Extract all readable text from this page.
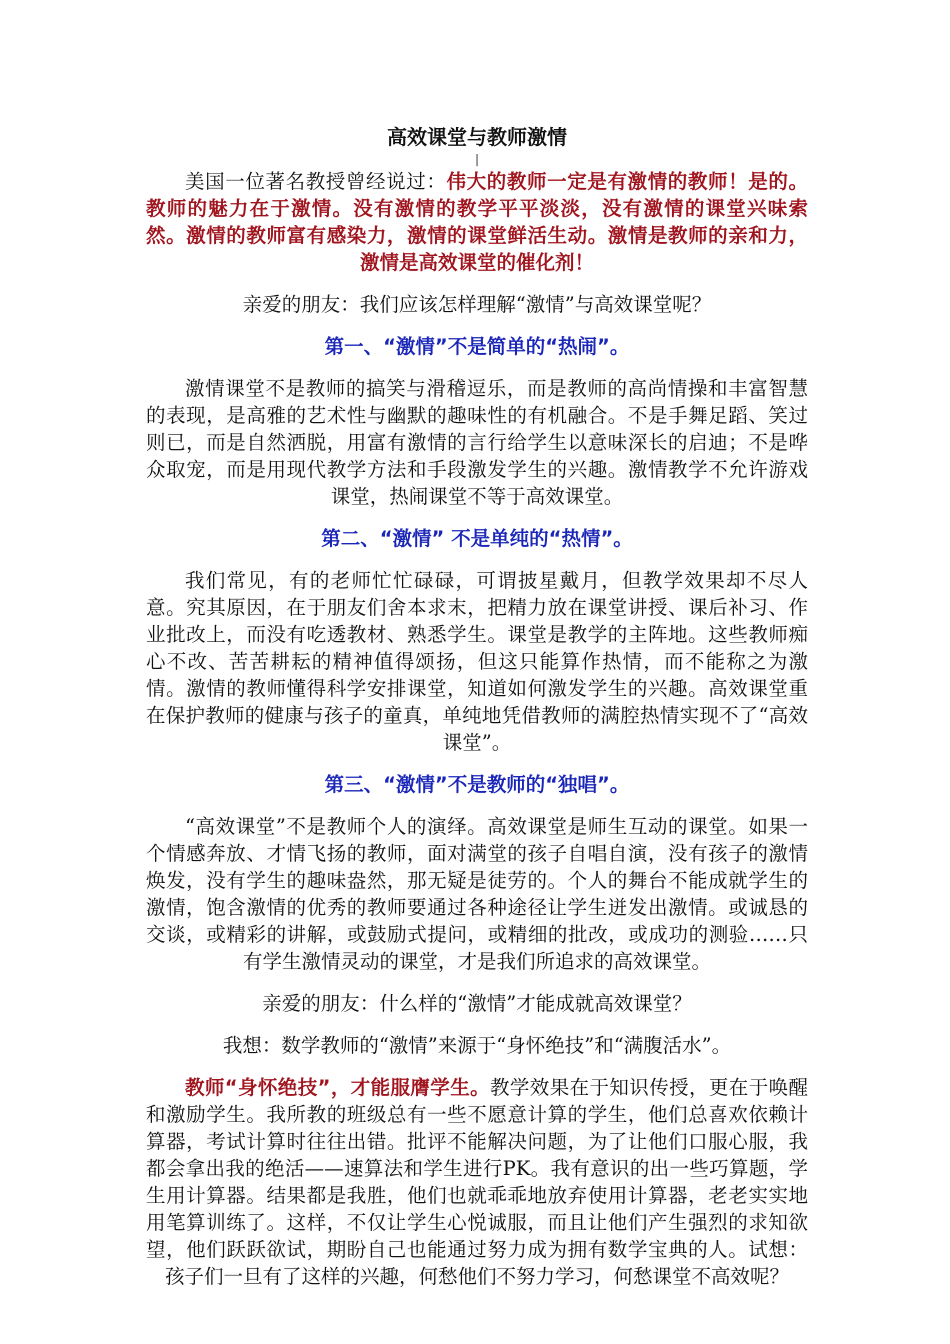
高效课堂与教师激情
|

美国一位著名教授曾经说过：伟大的教师一定是有激情的教师！是的。教师的魅力在于激情。没有激情的教学平平淡淡，没有激情的课堂兴味索然。激情的教师富有感染力，激情的课堂鲜活生动。激情是教师的亲和力，激情是高效课堂的催化剂！

亲爱的朋友：我们应该怎样理解“激情”与高效课堂呢？

第一、“激情”不是简单的“热闹”。

激情课堂不是教师的搞笑与滑稽逗乐，而是教师的高尚情操和丰富智慧的表现，是高雅的艺术性与幽默的趣味性的有机融合。不是手舞足蹈、笑过则已，而是自然洒脱，用富有激情的言行给学生以意味深长的启迪；不是哗众取宠，而是用现代教学方法和手段激发学生的兴趣。激情教学不允许游戏课堂，热闹课堂不等于高效课堂。

第二、“激情” 不是单纯的“热情”。

我们常见，有的老师忙忙碌碌，可谓披星戴月，但教学效果却不尽人意。究其原因，在于朋友们舍本求末，把精力放在课堂讲授、课后补习、作业批改上，而没有吃透教材、熟悉学生。课堂是教学的主阵地。这些教师痴心不改、苦苦耕耘的精神值得颂扬，但这只能算作热情，而不能称之为激情。激情的教师懂得科学安排课堂，知道如何激发学生的兴趣。高效课堂重在保护教师的健康与孩子的童真，单纯地凭借教师的满腔热情实现不了“高效课堂”。

第三、“激情”不是教师的“独唱”。

“高效课堂”不是教师个人的演绎。高效课堂是师生互动的课堂。如果一个情感奔放、才情飞扬的教师，面对满堂的孩子自唱自演，没有孩子的激情焕发，没有学生的趣味盎然，那无疑是徒劳的。个人的舞台不能成就学生的激情，饱含激情的优秀的教师要通过各种途径让学生迸发出激情。或诚恳的交谈，或精彩的讲解，或鼓励式提问，或精细的批改，或成功的测验……只有学生激情灵动的课堂，才是我们所追求的高效课堂。

亲爱的朋友：什么样的“激情”才能成就高效课堂？

我想：数学教师的“激情”来源于“身怀绝技”和“满腹活水”。

教师“身怀绝技”，才能服膺学生。教学效果在于知识传授，更在于唤醒和激励学生。我所教的班级总有一些不愿意计算的学生，他们总喜欢依赖计算器，考试计算时往往出错。批评不能解决问题，为了让他们口服心服，我都会拿出我的绝活——速算法和学生进行PK。我有意识的出一些巧算题，学生用计算器。结果都是我胜，他们也就乖乖地放弃使用计算器，老老实实地用笔算训练了。这样，不仅让学生心悦诚服，而且让他们产生强烈的求知欲望，他们跃跃欲试，期盼自己也能通过努力成为拥有数学宝典的人。试想：孩子们一旦有了这样的兴趣，何愁他们不努力学习，何愁课堂不高效呢？
